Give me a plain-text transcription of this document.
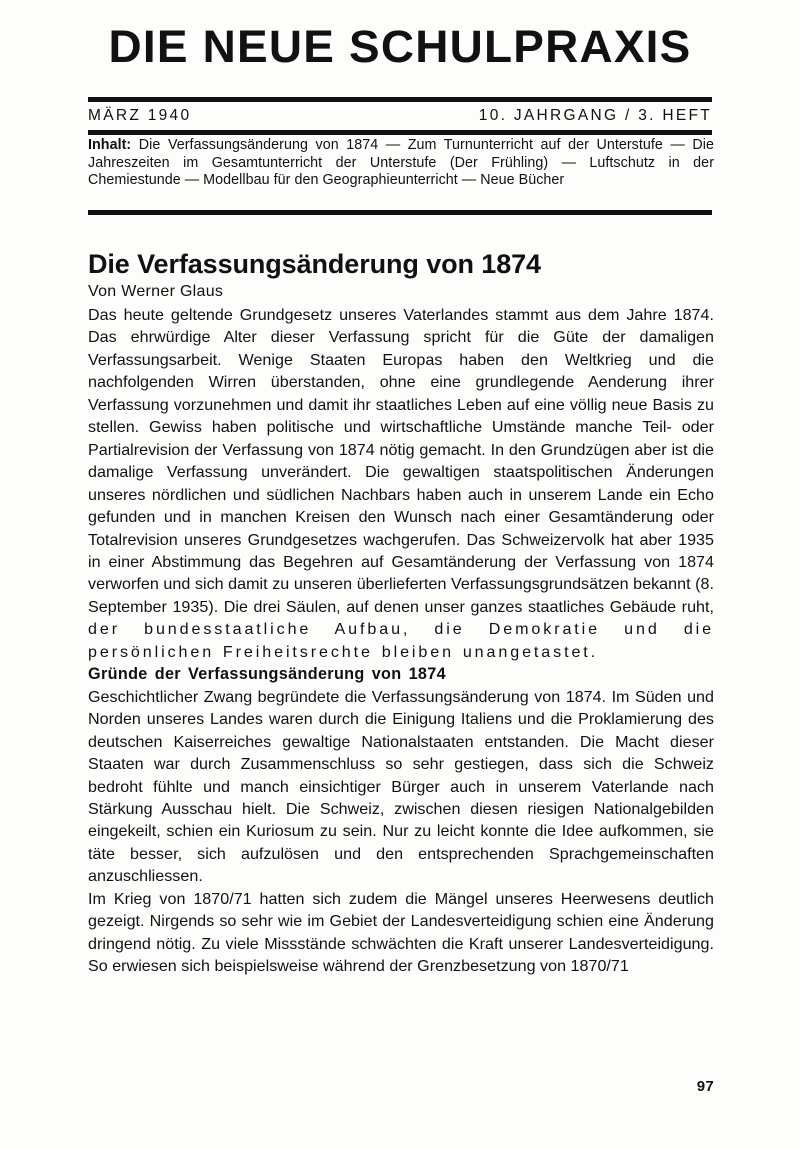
DIE NEUE SCHULPRAXIS
MÄRZ 1940	10. JAHRGANG / 3. HEFT
Inhalt: Die Verfassungsänderung von 1874 — Zum Turnunterricht auf der Unterstufe — Die Jahreszeiten im Gesamtunterricht der Unterstufe (Der Frühling) — Luftschutz in der Chemiestunde — Modellbau für den Geographieunterricht — Neue Bücher
Die Verfassungsänderung von 1874
Von Werner Glaus

Das heute geltende Grundgesetz unseres Vaterlandes stammt aus dem Jahre 1874. Das ehrwürdige Alter dieser Verfassung spricht für die Güte der damaligen Verfassungsarbeit. Wenige Staaten Europas haben den Weltkrieg und die nachfolgenden Wirren überstanden, ohne eine grundlegende Aenderung ihrer Verfassung vorzunehmen und damit ihr staatliches Leben auf eine völlig neue Basis zu stellen. Gewiss haben politische und wirtschaftliche Umstände manche Teil- oder Partialrevision der Verfassung von 1874 nötig gemacht. In den Grundzügen aber ist die damalige Verfassung unverändert. Die gewaltigen staatspolitischen Änderungen unseres nördlichen und südlichen Nachbars haben auch in unserem Lande ein Echo gefunden und in manchen Kreisen den Wunsch nach einer Gesamtänderung oder Totalrevision unseres Grundgesetzes wachgerufen. Das Schweizervolk hat aber 1935 in einer Abstimmung das Begehren auf Gesamtänderung der Verfassung von 1874 verworfen und sich damit zu unseren überlieferten Verfassungsgrundsätzen bekannt (8. September 1935). Die drei Säulen, auf denen unser ganzes staatliches Gebäude ruht, der bundesstaatliche Aufbau, die Demokratie und die persönlichen Freiheitsrechte bleiben unangetastet.

Gründe der Verfassungsänderung von 1874

Geschichtlicher Zwang begründete die Verfassungsänderung von 1874. Im Süden und Norden unseres Landes waren durch die Einigung Italiens und die Proklamierung des deutschen Kaiserreiches gewaltige Nationalstaaten entstanden. Die Macht dieser Staaten war durch Zusammenschluss so sehr gestiegen, dass sich die Schweiz bedroht fühlte und manch einsichtiger Bürger auch in unserem Vaterlande nach Stärkung Ausschau hielt. Die Schweiz, zwischen diesen riesigen Nationalgebilden eingekeilt, schien ein Kuriosum zu sein. Nur zu leicht konnte die Idee aufkommen, sie täte besser, sich aufzulösen und den entsprechenden Sprachgemeinschaften anzuschliessen.

Im Krieg von 1870/71 hatten sich zudem die Mängel unseres Heerwesens deutlich gezeigt. Nirgends so sehr wie im Gebiet der Landesverteidigung schien eine Änderung dringend nötig. Zu viele Missstände schwächten die Kraft unserer Landesverteidigung. So erwiesen sich beispielsweise während der Grenzbesetzung von 1870/71

97
